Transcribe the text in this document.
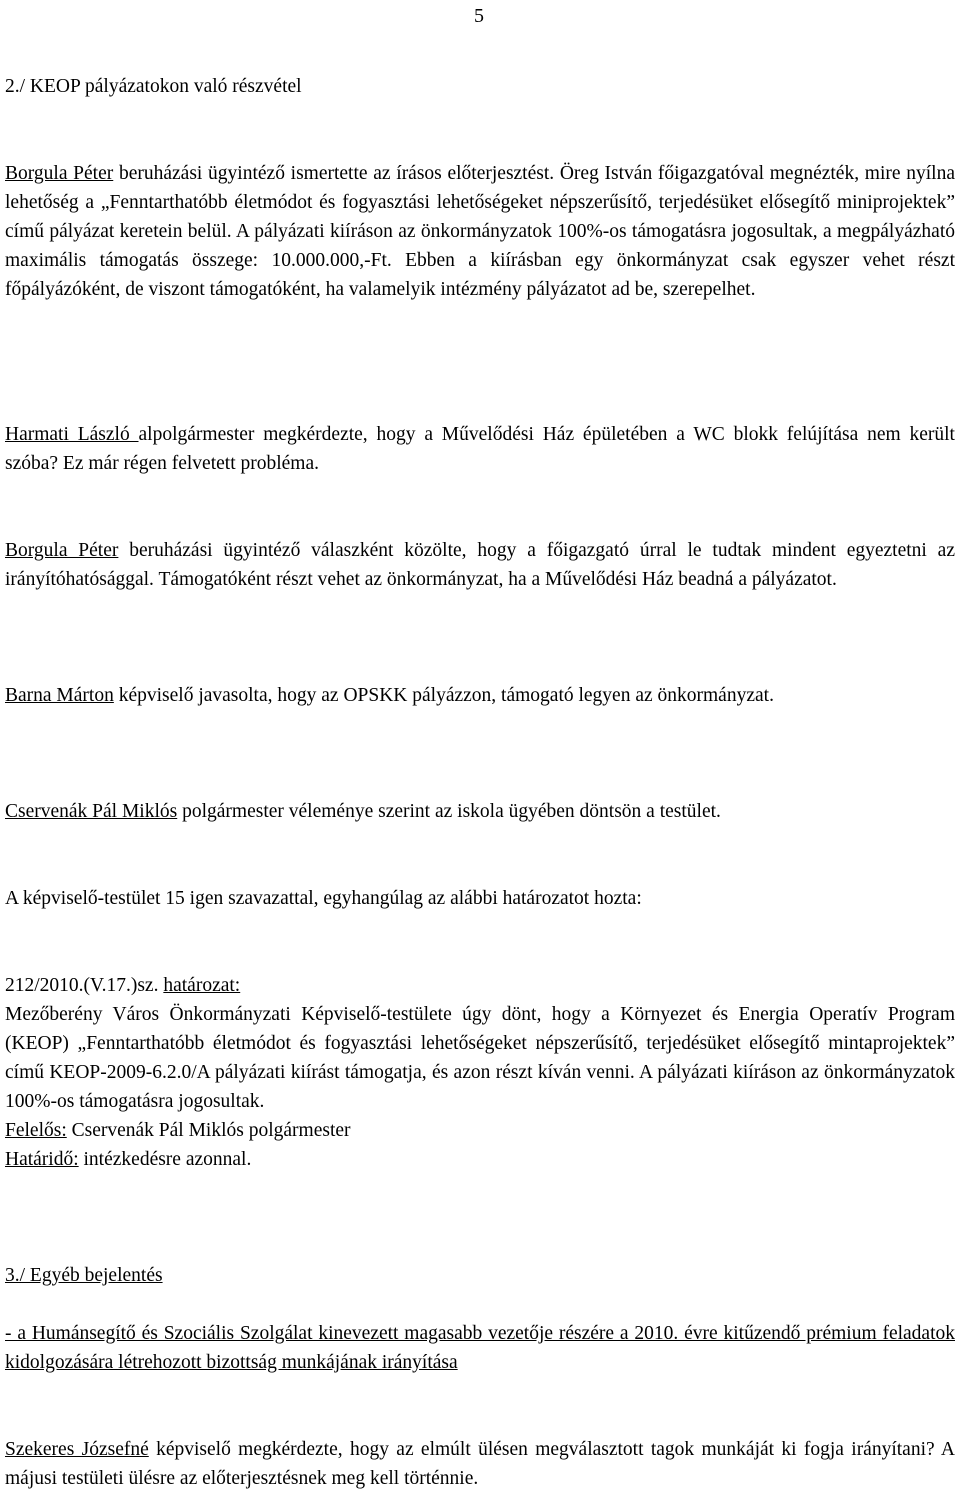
5

2./ KEOP pályázatokon való részvétel

Borgula Péter beruházási ügyintéző ismertette az írásos előterjesztést. Öreg István főigazgatóval megnézték, mire nyílna lehetőség a „Fenntarthatóbb életmódot és fogyasztási lehetőségeket népszerűsítő, terjedésüket elősegítő miniprojektek” című pályázat keretein belül. A pályázati kiíráson az önkormányzatok 100%-os támogatásra jogosultak, a megpályázható maximális támogatás összege: 10.000.000,-Ft. Ebben a kiírásban egy önkormányzat csak egyszer vehet részt főpályázóként, de viszont támogatóként, ha valamelyik intézmény pályázatot ad be, szerepelhet.

Harmati László alpolgármester megkérdezte, hogy a Művelődési Ház épületében a WC blokk felújítása nem került szóba? Ez már régen felvetett probléma.

Borgula Péter beruházási ügyintéző válaszként közölte, hogy a főigazgató úrral le tudtak mindent egyeztetni az irányítóhatósággal. Támogatóként részt vehet az önkormányzat, ha a Művelődési Ház beadná a pályázatot.

Barna Márton képviselő javasolta, hogy az OPSKK pályázzon, támogató legyen az önkormányzat.

Cservenák Pál Miklós polgármester véleménye szerint az iskola ügyében döntsön a testület.

A képviselő-testület 15 igen szavazattal, egyhangúlag az alábbi határozatot hozta:

212/2010.(V.17.)sz. határozat:

Mezőberény Város Önkormányzati Képviselő-testülete úgy dönt, hogy a Környezet és Energia Operatív Program (KEOP) „Fenntarthatóbb életmódot és fogyasztási lehetőségeket népszerűsítő, terjedésüket elősegítő mintaprojektek” című KEOP-2009-6.2.0/A pályázati kiírást támogatja, és azon részt kíván venni. A pályázati kiíráson az önkormányzatok 100%-os támogatásra jogosultak.

Felelős: Cservenák Pál Miklós polgármester

Határidő: intézkedésre azonnal.

3./ Egyéb bejelentés

- a Humánsegítő és Szociális Szolgálat kinevezett magasabb vezetője részére a 2010. évre kitűzendő prémium feladatok kidolgozására létrehozott bizottság munkájának irányítása

Szekeres Józsefné képviselő megkérdezte, hogy az elmúlt ülésen megválasztott tagok munkáját ki fogja irányítani? A májusi testületi ülésre az előterjesztésnek meg kell történnie.
